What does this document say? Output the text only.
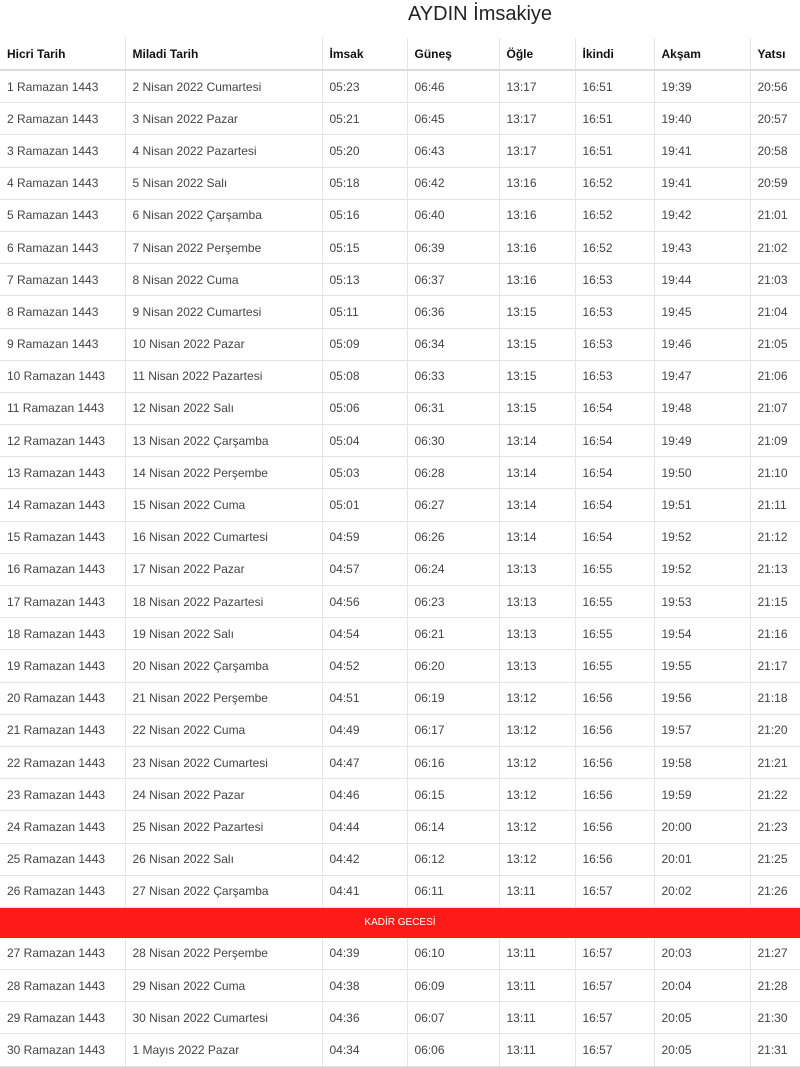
AYDIN İmsakiye
Hicri Tarih	Miladi Tarih	İmsak	Güneş	Öğle	İkindi	Akşam	Yatsı
1 Ramazan 1443	2 Nisan 2022 Cumartesi	05:23	06:46	13:17	16:51	19:39	20:56
2 Ramazan 1443	3 Nisan 2022 Pazar	05:21	06:45	13:17	16:51	19:40	20:57
3 Ramazan 1443	4 Nisan 2022 Pazartesi	05:20	06:43	13:17	16:51	19:41	20:58
4 Ramazan 1443	5 Nisan 2022 Salı	05:18	06:42	13:16	16:52	19:41	20:59
5 Ramazan 1443	6 Nisan 2022 Çarşamba	05:16	06:40	13:16	16:52	19:42	21:01
6 Ramazan 1443	7 Nisan 2022 Perşembe	05:15	06:39	13:16	16:52	19:43	21:02
7 Ramazan 1443	8 Nisan 2022 Cuma	05:13	06:37	13:16	16:53	19:44	21:03
8 Ramazan 1443	9 Nisan 2022 Cumartesi	05:11	06:36	13:15	16:53	19:45	21:04
9 Ramazan 1443	10 Nisan 2022 Pazar	05:09	06:34	13:15	16:53	19:46	21:05
10 Ramazan 1443	11 Nisan 2022 Pazartesi	05:08	06:33	13:15	16:53	19:47	21:06
11 Ramazan 1443	12 Nisan 2022 Salı	05:06	06:31	13:15	16:54	19:48	21:07
12 Ramazan 1443	13 Nisan 2022 Çarşamba	05:04	06:30	13:14	16:54	19:49	21:09
13 Ramazan 1443	14 Nisan 2022 Perşembe	05:03	06:28	13:14	16:54	19:50	21:10
14 Ramazan 1443	15 Nisan 2022 Cuma	05:01	06:27	13:14	16:54	19:51	21:11
15 Ramazan 1443	16 Nisan 2022 Cumartesi	04:59	06:26	13:14	16:54	19:52	21:12
16 Ramazan 1443	17 Nisan 2022 Pazar	04:57	06:24	13:13	16:55	19:52	21:13
17 Ramazan 1443	18 Nisan 2022 Pazartesi	04:56	06:23	13:13	16:55	19:53	21:15
18 Ramazan 1443	19 Nisan 2022 Salı	04:54	06:21	13:13	16:55	19:54	21:16
19 Ramazan 1443	20 Nisan 2022 Çarşamba	04:52	06:20	13:13	16:55	19:55	21:17
20 Ramazan 1443	21 Nisan 2022 Perşembe	04:51	06:19	13:12	16:56	19:56	21:18
21 Ramazan 1443	22 Nisan 2022 Cuma	04:49	06:17	13:12	16:56	19:57	21:20
22 Ramazan 1443	23 Nisan 2022 Cumartesi	04:47	06:16	13:12	16:56	19:58	21:21
23 Ramazan 1443	24 Nisan 2022 Pazar	04:46	06:15	13:12	16:56	19:59	21:22
24 Ramazan 1443	25 Nisan 2022 Pazartesi	04:44	06:14	13:12	16:56	20:00	21:23
25 Ramazan 1443	26 Nisan 2022 Salı	04:42	06:12	13:12	16:56	20:01	21:25
26 Ramazan 1443	27 Nisan 2022 Çarşamba	04:41	06:11	13:11	16:57	20:02	21:26
KADİR GECESİ							
27 Ramazan 1443	28 Nisan 2022 Perşembe	04:39	06:10	13:11	16:57	20:03	21:27
28 Ramazan 1443	29 Nisan 2022 Cuma	04:38	06:09	13:11	16:57	20:04	21:28
29 Ramazan 1443	30 Nisan 2022 Cumartesi	04:36	06:07	13:11	16:57	20:05	21:30
30 Ramazan 1443	1 Mayıs 2022 Pazar	04:34	06:06	13:11	16:57	20:05	21:31
